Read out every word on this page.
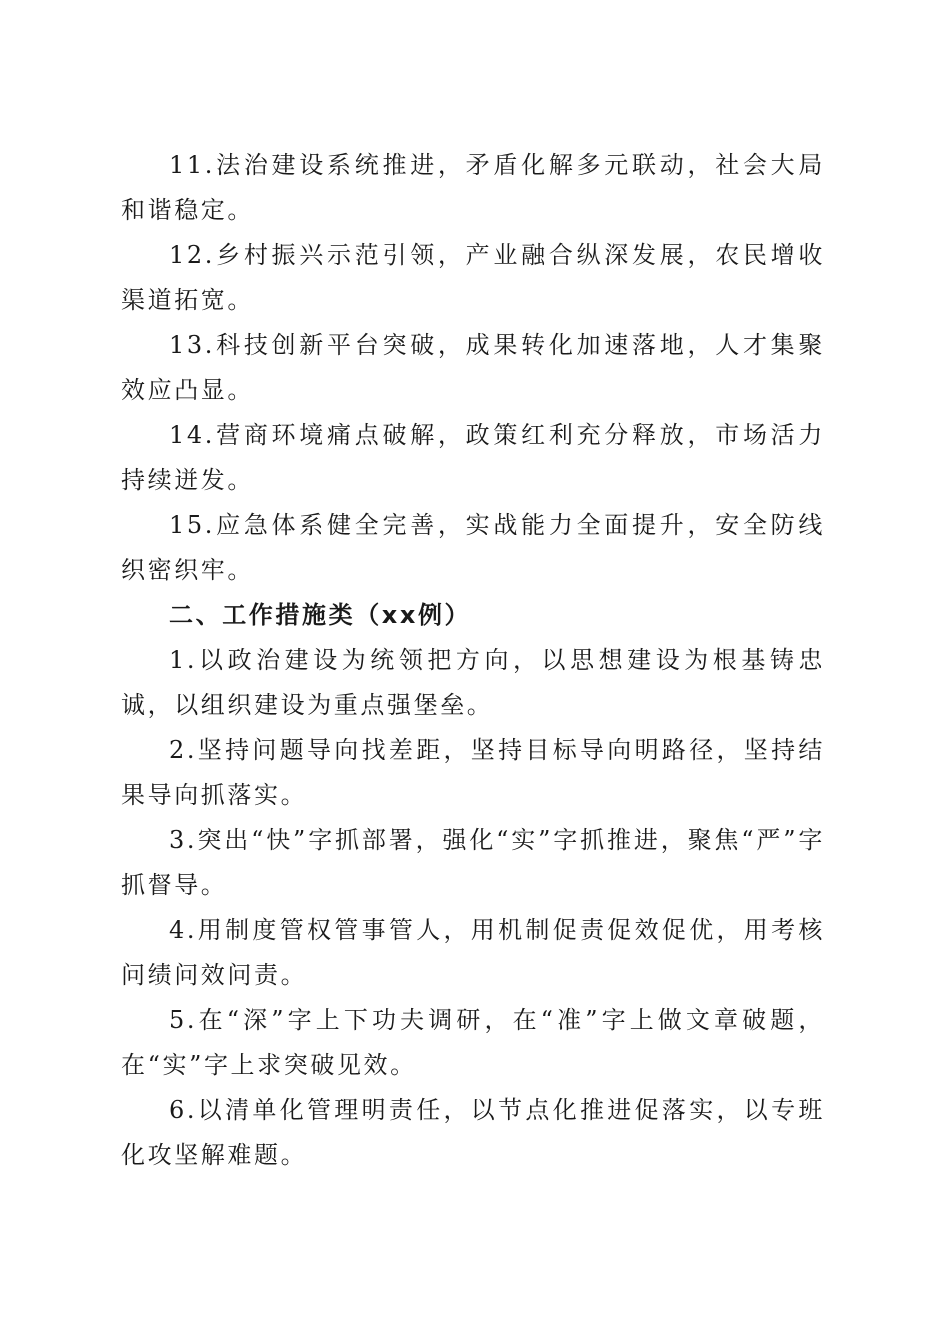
11.法治建设系统推进，矛盾化解多元联动，社会大局和谐稳定。

12.乡村振兴示范引领，产业融合纵深发展，农民增收渠道拓宽。

13.科技创新平台突破，成果转化加速落地，人才集聚效应凸显。

14.营商环境痛点破解，政策红利充分释放，市场活力持续迸发。

15.应急体系健全完善，实战能力全面提升，安全防线织密织牢。

二、工作措施类（xx例）

1.以政治建设为统领把方向，以思想建设为根基铸忠诚，以组织建设为重点强堡垒。

2.坚持问题导向找差距，坚持目标导向明路径，坚持结果导向抓落实。

3.突出“快”字抓部署，强化“实”字抓推进，聚焦“严”字抓督导。

4.用制度管权管事管人，用机制促责促效促优，用考核问绩问效问责。

5.在“深”字上下功夫调研，在“准”字上做文章破题，在“实”字上求突破见效。

6.以清单化管理明责任，以节点化推进促落实，以专班化攻坚解难题。
